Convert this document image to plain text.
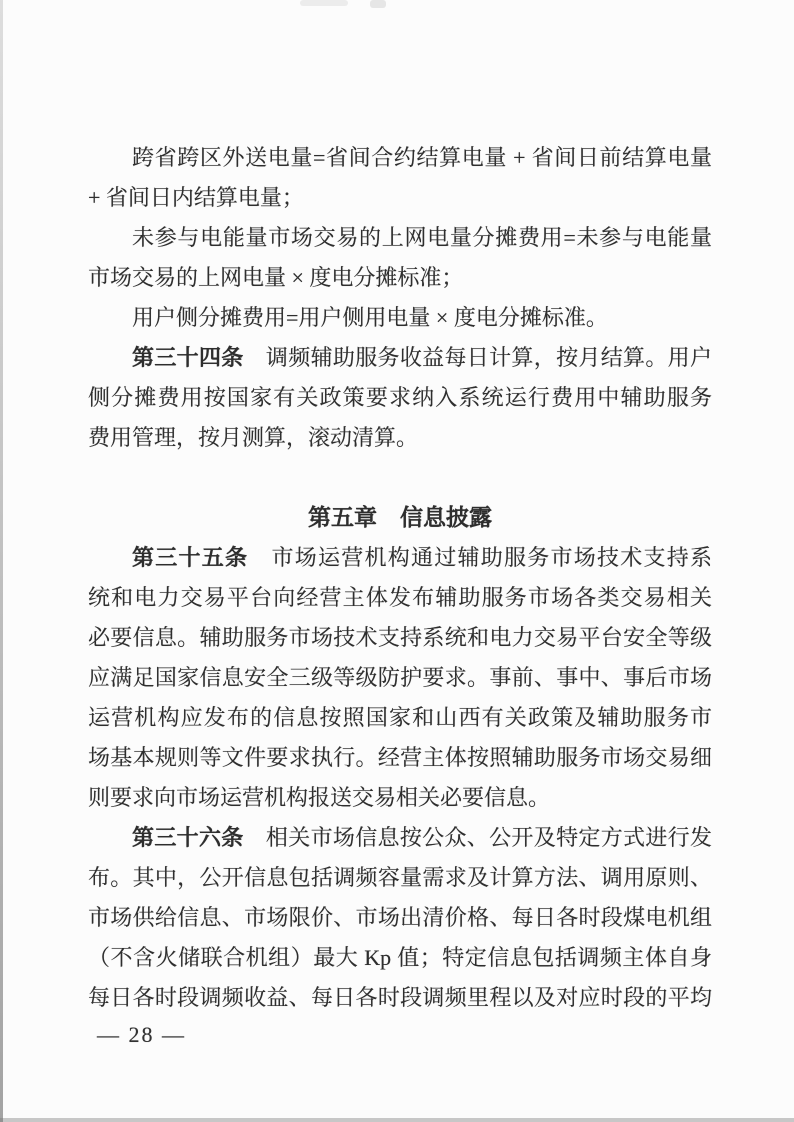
跨省跨区外送电量=省间合约结算电量 + 省间日前结算电量
+ 省间日内结算电量；
未参与电能量市场交易的上网电量分摊费用=未参与电能量
市场交易的上网电量 × 度电分摊标准；
用户侧分摊费用=用户侧用电量 × 度电分摊标准。
第三十四条　调频辅助服务收益每日计算，按月结算。用户
侧分摊费用按国家有关政策要求纳入系统运行费用中辅助服务
费用管理，按月测算，滚动清算。
第五章　信息披露
第三十五条　市场运营机构通过辅助服务市场技术支持系
统和电力交易平台向经营主体发布辅助服务市场各类交易相关
必要信息。辅助服务市场技术支持系统和电力交易平台安全等级
应满足国家信息安全三级等级防护要求。事前、事中、事后市场
运营机构应发布的信息按照国家和山西有关政策及辅助服务市
场基本规则等文件要求执行。经营主体按照辅助服务市场交易细
则要求向市场运营机构报送交易相关必要信息。
第三十六条　相关市场信息按公众、公开及特定方式进行发
布。其中，公开信息包括调频容量需求及计算方法、调用原则、
市场供给信息、市场限价、市场出清价格、每日各时段煤电机组
（不含火储联合机组）最大 Kp 值；特定信息包括调频主体自身
每日各时段调频收益、每日各时段调频里程以及对应时段的平均
— 28 —
